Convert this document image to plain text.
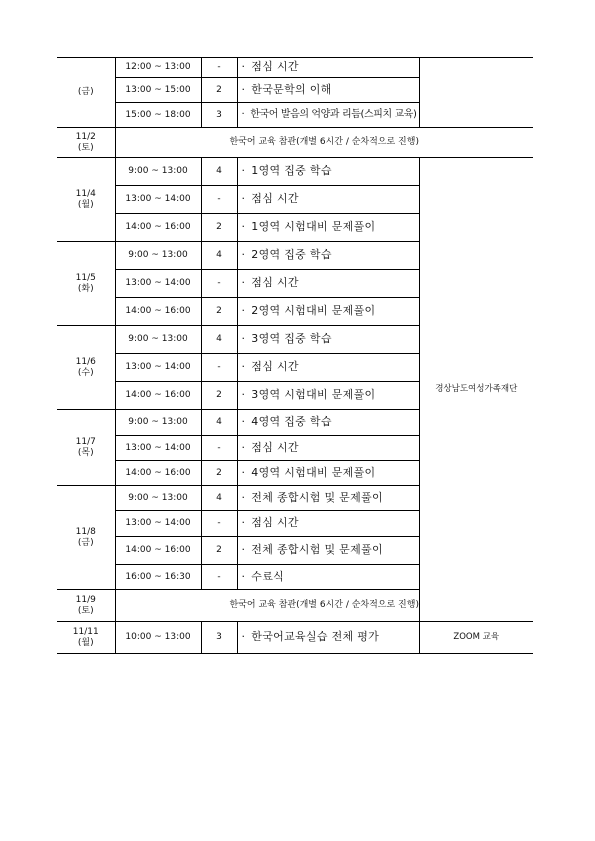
(금)	12:00 ~ 13:00	-	· 점심 시간	
	13:00 ~ 15:00	2	· 한국문학의 이해	
	15:00 ~ 18:00	3	· 한국어 발음의 억양과 리듬(스피치 교육)	

11/2
(토)	한국어 교육 참관(개별 6시간 / 순차적으로 진행)			

11/4
(월)	9:00 ~ 13:00	4	· 1영역 집중 학습	경상남도여성가족재단
	13:00 ~ 14:00	-	· 점심 시간	
	14:00 ~ 16:00	2	· 1영역 시험대비 문제풀이	

11/5
(화)	9:00 ~ 13:00	4	· 2영역 집중 학습	
	13:00 ~ 14:00	-	· 점심 시간	
	14:00 ~ 16:00	2	· 2영역 시험대비 문제풀이	

11/6
(수)	9:00 ~ 13:00	4	· 3영역 집중 학습	
	13:00 ~ 14:00	-	· 점심 시간	
	14:00 ~ 16:00	2	· 3영역 시험대비 문제풀이	

11/7
(목)	9:00 ~ 13:00	4	· 4영역 집중 학습	
	13:00 ~ 14:00	-	· 점심 시간	
	14:00 ~ 16:00	2	· 4영역 시험대비 문제풀이	

11/8
(금)	9:00 ~ 13:00	4	· 전체 종합시험 및 문제풀이	
	13:00 ~ 14:00	-	· 점심 시간	
	14:00 ~ 16:00	2	· 전체 종합시험 및 문제풀이	
	16:00 ~ 16:30	-	· 수료식	

11/9
(토)	한국어 교육 참관(개별 6시간 / 순차적으로 진행)			

11/11
(월)	10:00 ~ 13:00	3	· 한국어교육실습 전체 평가	ZOOM 교육
